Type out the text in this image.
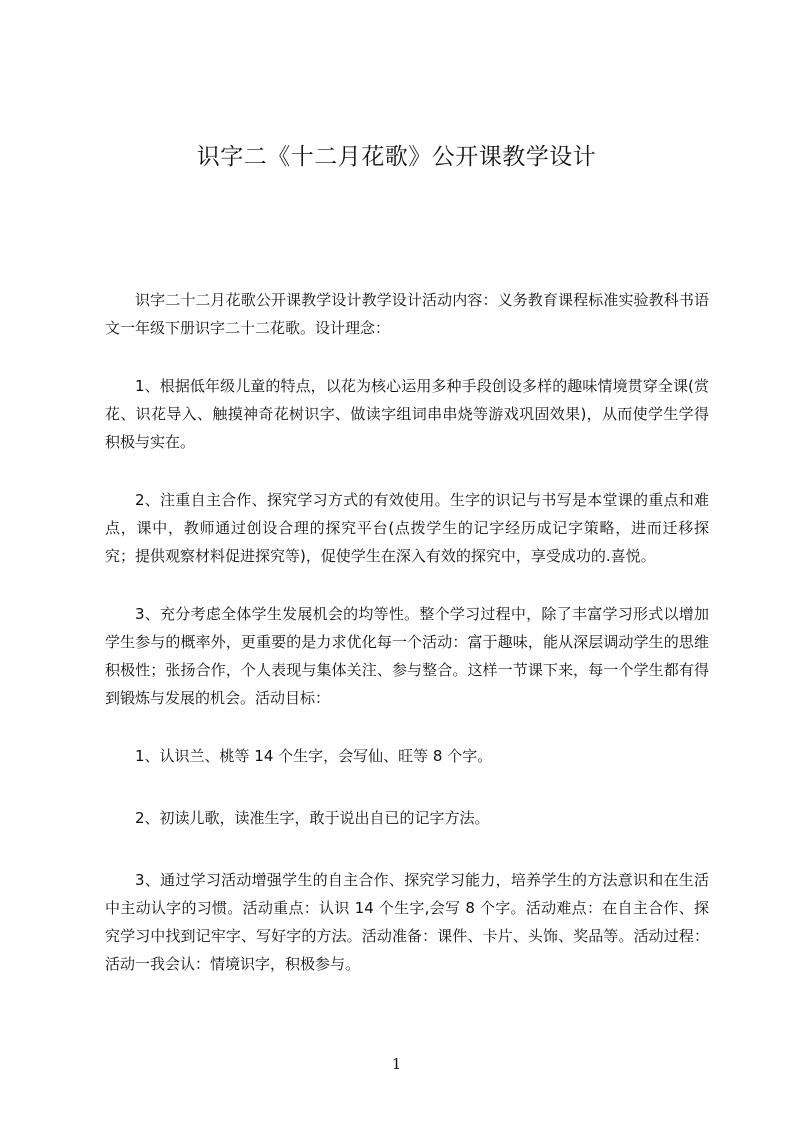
识字二《十二月花歌》公开课教学设计

识字二十二月花歌公开课教学设计教学设计活动内容：义务教育课程标准实验教科书语文一年级下册识字二十二花歌。设计理念：

1、根据低年级儿童的特点，以花为核心运用多种手段创设多样的趣味情境贯穿全课(赏花、识花导入、触摸神奇花树识字、做读字组词串串烧等游戏巩固效果)，从而使学生学得积极与实在。

2、注重自主合作、探究学习方式的有效使用。生字的识记与书写是本堂课的重点和难点，课中，教师通过创设合理的探究平台(点拨学生的记字经历成记字策略，进而迁移探究；提供观察材料促进探究等)，促使学生在深入有效的探究中，享受成功的.喜悦。

3、充分考虑全体学生发展机会的均等性。整个学习过程中，除了丰富学习形式以增加学生参与的概率外，更重要的是力求优化每一个活动：富于趣味，能从深层调动学生的思维积极性；张扬合作，个人表现与集体关注、参与整合。这样一节课下来，每一个学生都有得到锻炼与发展的机会。活动目标：

1、认识兰、桃等 14 个生字，会写仙、旺等 8 个字。

2、初读儿歌，读准生字，敢于说出自已的记字方法。

3、通过学习活动增强学生的自主合作、探究学习能力，培养学生的方法意识和在生活中主动认字的习惯。活动重点：认识 14 个生字,会写 8 个字。活动难点：在自主合作、探究学习中找到记牢字、写好字的方法。活动准备：课件、卡片、头饰、奖品等。活动过程：活动一我会认：情境识字，积极参与。

1
